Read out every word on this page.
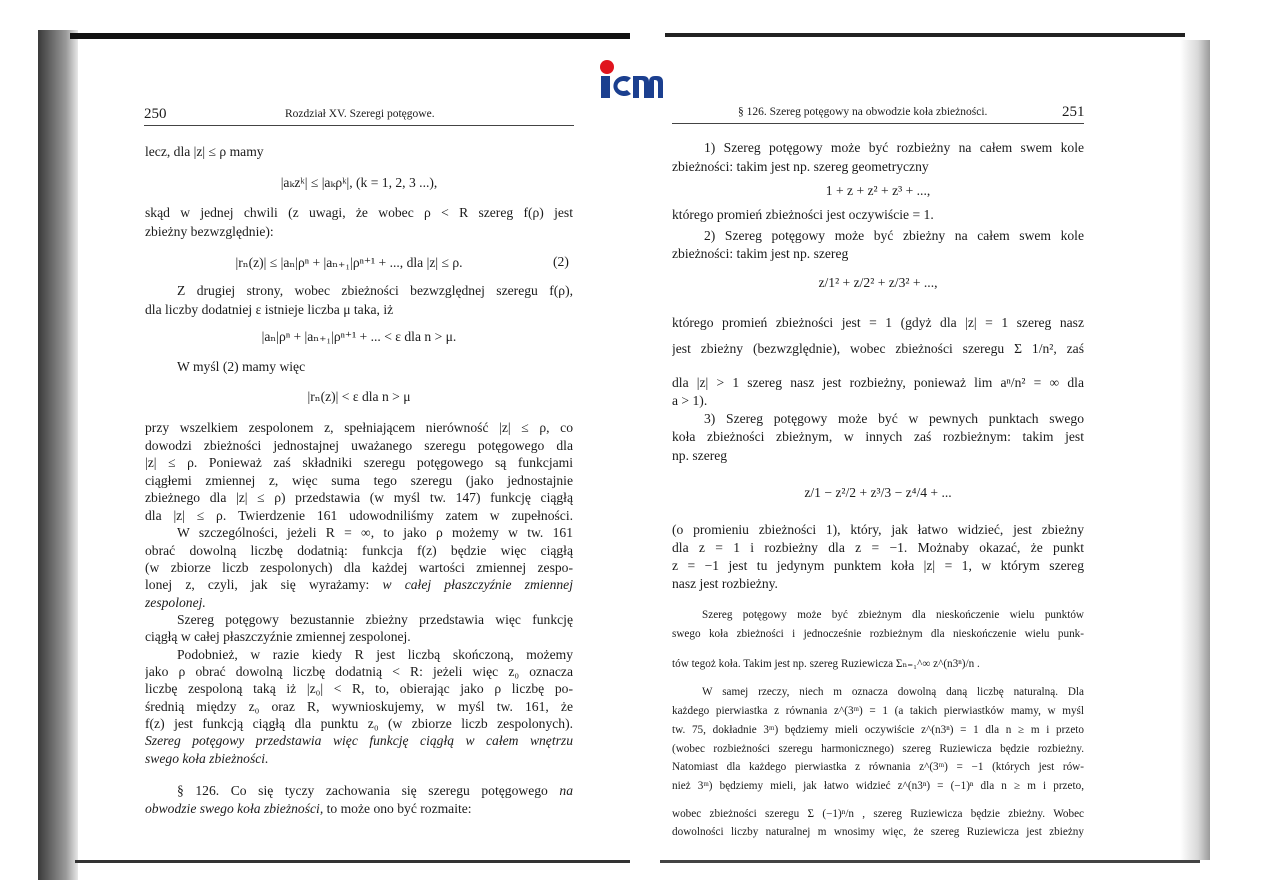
250	Rozdział XV. Szeregi potęgowe.
(2)
§ 126. Szereg potęgowy na obwodzie koła zbieżności.	251
lecz, dla |z| ≤ ρ mamy
|aₖzᵏ| ≤ |aₖρᵏ|, (k = 1, 2, 3 ...),
skąd w jednej chwili (z uwagi, że wobec ρ < R szereg f(ρ) jest
zbieżny bezwzględnie):
|rₙ(z)| ≤ |aₙ|ρⁿ + |aₙ₊₁|ρⁿ⁺¹ + ..., dla |z| ≤ ρ.
Z drugiej strony, wobec zbieżności bezwzględnej szeregu f(ρ),
dla liczby dodatniej ε istnieje liczba μ taka, iż
|aₙ|ρⁿ + |aₙ₊₁|ρⁿ⁺¹ + ... < ε dla n > μ.
W myśl (2) mamy więc
|rₙ(z)| < ε dla n > μ
przy wszelkiem zespolonem z, spełniającem nierówność |z| ≤ ρ, co
dowodzi zbieżności jednostajnej uważanego szeregu potęgowego dla
|z| ≤ ρ. Ponieważ zaś składniki szeregu potęgowego są funkcjami
ciągłemi zmiennej z, więc suma tego szeregu (jako jednostajnie
zbieżnego dla |z| ≤ ρ) przedstawia (w myśl tw. 147) funkcję ciągłą
dla |z| ≤ ρ. Twierdzenie 161 udowodniliśmy zatem w zupełności.
W szczególności, jeżeli R = ∞, to jako ρ możemy w tw. 161
obrać dowolną liczbę dodatnią: funkcja f(z) będzie więc ciągłą
(w zbiorze liczb zespolonych) dla każdej wartości zmiennej zespo-
lonej z, czyli, jak się wyrażamy: w całej płaszczyźnie zmiennej
zespolonej.
Szereg potęgowy bezustannie zbieżny przedstawia więc funkcję
ciągłą w całej płaszczyźnie zmiennej zespolonej.
Podobnież, w razie kiedy R jest liczbą skończoną, możemy
jako ρ obrać dowolną liczbę dodatnią < R: jeżeli więc z₀ oznacza
liczbę zespoloną taką iż |z₀| < R, to, obierając jako ρ liczbę po-
średnią między z₀ oraz R, wywnioskujemy, w myśl tw. 161, że
f(z) jest funkcją ciągłą dla punktu z₀ (w zbiorze liczb zespolonych).
Szereg potęgowy przedstawia więc funkcję ciągłą w całem wnętrzu
swego koła zbieżności.
§ 126. Co się tyczy zachowania się szeregu potęgowego na
obwodzie swego koła zbieżności, to może ono być rozmaite:
1) Szereg potęgowy może być rozbieżny na całem swem kole
zbieżności: takim jest np. szereg geometryczny
1 + z + z² + z³ + ...,
którego promień zbieżności jest oczywiście = 1.
2) Szereg potęgowy może być zbieżny na całem swem kole
zbieżności: takim jest np. szereg
z/1² + z/2² + z/3² + ...,
którego promień zbieżności jest = 1 (gdyż dla |z| = 1 szereg nasz
jest zbieżny (bezwzględnie), wobec zbieżności szeregu Σ 1/n², zaś
dla |z| > 1 szereg nasz jest rozbieżny, ponieważ lim aⁿ/n² = ∞ dla
a > 1).
3) Szereg potęgowy może być w pewnych punktach swego
koła zbieżności zbieżnym, w innych zaś rozbieżnym: takim jest
np. szereg
z/1 − z²/2 + z³/3 − z⁴/4 + ...
(o promieniu zbieżności 1), który, jak łatwo widzieć, jest zbieżny
dla z = 1 i rozbieżny dla z = −1. Możnaby okazać, że punkt
z = −1 jest tu jedynym punktem koła |z| = 1, w którym szereg
nasz jest rozbieżny.
Szereg potęgowy może być zbieżnym dla nieskończenie wielu punktów
swego koła zbieżności i jednocześnie rozbieżnym dla nieskończenie wielu punk-
tów tegoż koła. Takim jest np. szereg Ruziewicza Σₙ₌₁^∞ z^(n3ⁿ)/n .
W samej rzeczy, niech m oznacza dowolną daną liczbę naturalną. Dla
każdego pierwiastka z równania z^(3ᵐ) = 1 (a takich pierwiastków mamy, w myśl
tw. 75, dokładnie 3ᵐ) będziemy mieli oczywiście z^(n3ⁿ) = 1 dla n ≥ m i przeto
(wobec rozbieżności szeregu harmonicznego) szereg Ruziewicza będzie rozbieżny.
Natomiast dla każdego pierwiastka z równania z^(3ᵐ) = −1 (których jest rów-
nież 3ᵐ) będziemy mieli, jak łatwo widzieć z^(n3ⁿ) = (−1)ⁿ dla n ≥ m i przeto,
wobec zbieżności szeregu Σ (−1)ⁿ/n , szereg Ruziewicza będzie zbieżny. Wobec
dowolności liczby naturalnej m wnosimy więc, że szereg Ruziewicza jest zbieżny
